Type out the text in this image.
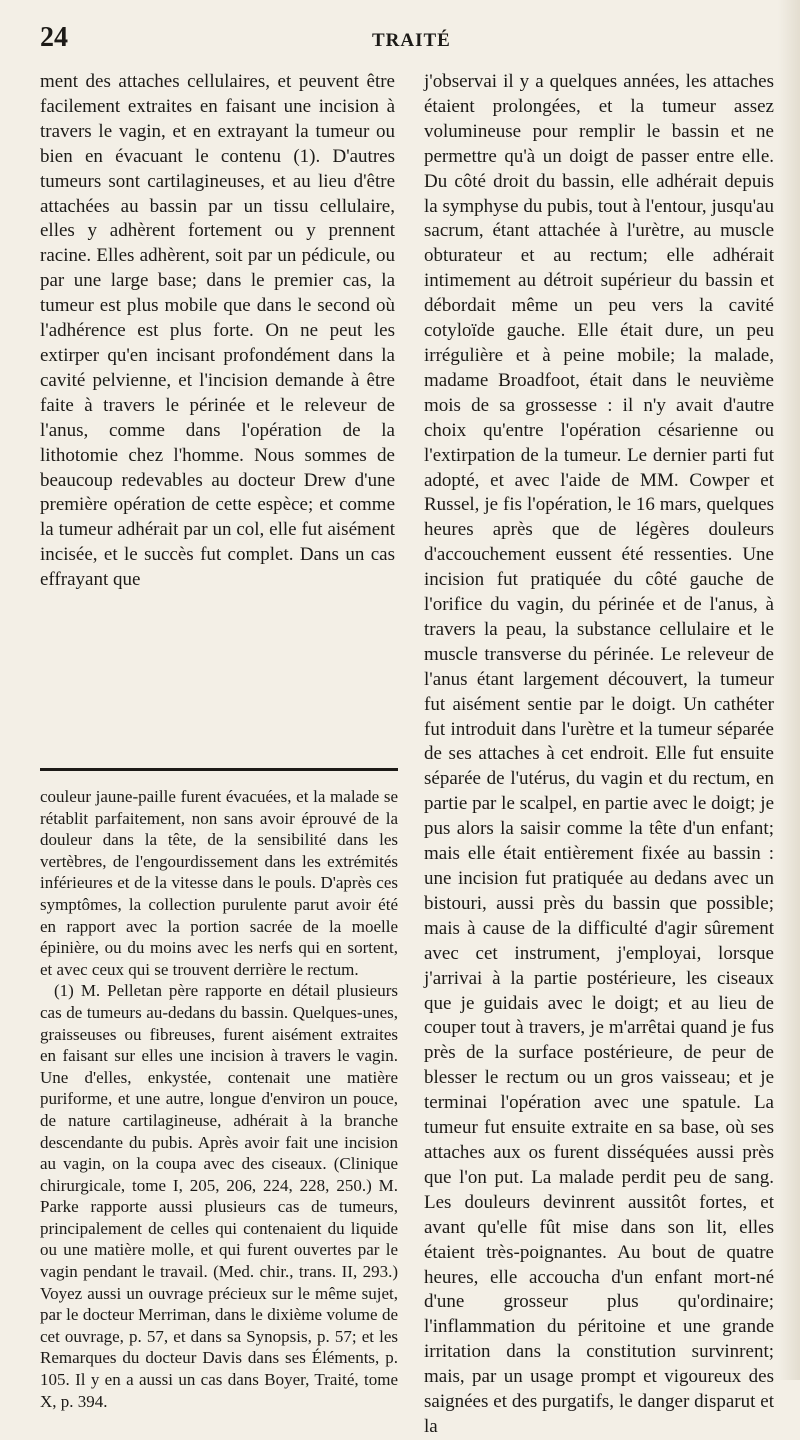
24	TRAITÉ

ment des attaches cellulaires, et peuvent être facilement extraites en faisant une incision à travers le vagin, et en extrayant la tumeur ou bien en évacuant le contenu (1). D'autres tumeurs sont cartilagineuses, et au lieu d'être attachées au bassin par un tissu cellulaire, elles y adhèrent fortement ou y prennent racine. Elles adhèrent, soit par un pédicule, ou par une large base; dans le premier cas, la tumeur est plus mobile que dans le second où l'adhérence est plus forte. On ne peut les extirper qu'en incisant profondément dans la cavité pelvienne, et l'incision demande à être faite à travers le périnée et le releveur de l'anus, comme dans l'opération de la lithotomie chez l'homme. Nous sommes de beaucoup redevables au docteur Drew d'une première opération de cette espèce; et comme la tumeur adhérait par un col, elle fut aisément incisée, et le succès fut complet. Dans un cas effrayant que

couleur jaune-paille furent évacuées, et la malade se rétablit parfaitement, non sans avoir éprouvé de la douleur dans la tête, de la sensibilité dans les vertèbres, de l'engourdissement dans les extrémités inférieures et de la vitesse dans le pouls. D'après ces symptômes, la collection purulente parut avoir été en rapport avec la portion sacrée de la moelle épinière, ou du moins avec les nerfs qui en sortent, et avec ceux qui se trouvent derrière le rectum.

(1) M. Pelletan père rapporte en détail plusieurs cas de tumeurs au-dedans du bassin. Quelques-unes, graisseuses ou fibreuses, furent aisément extraites en faisant sur elles une incision à travers le vagin. Une d'elles, enkystée, contenait une matière puriforme, et une autre, longue d'environ un pouce, de nature cartilagineuse, adhérait à la branche descendante du pubis. Après avoir fait une incision au vagin, on la coupa avec des ciseaux. (Clinique chirurgicale, tome I, 205, 206, 224, 228, 250.) M. Parke rapporte aussi plusieurs cas de tumeurs, principalement de celles qui contenaient du liquide ou une matière molle, et qui furent ouvertes par le vagin pendant le travail. (Med. chir., trans. II, 293.) Voyez aussi un ouvrage précieux sur le même sujet, par le docteur Merriman, dans le dixième volume de cet ouvrage, p. 57, et dans sa Synopsis, p. 57; et les Remarques du docteur Davis dans ses Éléments, p. 105. Il y en a aussi un cas dans Boyer, Traité, tome X, p. 394.

j'observai il y a quelques années, les attaches étaient prolongées, et la tumeur assez volumineuse pour remplir le bassin et ne permettre qu'à un doigt de passer entre elle. Du côté droit du bassin, elle adhérait depuis la symphyse du pubis, tout à l'entour, jusqu'au sacrum, étant attachée à l'urètre, au muscle obturateur et au rectum; elle adhérait intimement au détroit supérieur du bassin et débordait même un peu vers la cavité cotyloïde gauche. Elle était dure, un peu irrégulière et à peine mobile; la malade, madame Broadfoot, était dans le neuvième mois de sa grossesse : il n'y avait d'autre choix qu'entre l'opération césarienne ou l'extirpation de la tumeur. Le dernier parti fut adopté, et avec l'aide de MM. Cowper et Russel, je fis l'opération, le 16 mars, quelques heures après que de légères douleurs d'accouchement eussent été ressenties. Une incision fut pratiquée du côté gauche de l'orifice du vagin, du périnée et de l'anus, à travers la peau, la substance cellulaire et le muscle transverse du périnée. Le releveur de l'anus étant largement découvert, la tumeur fut aisément sentie par le doigt. Un cathéter fut introduit dans l'urètre et la tumeur séparée de ses attaches à cet endroit. Elle fut ensuite séparée de l'utérus, du vagin et du rectum, en partie par le scalpel, en partie avec le doigt; je pus alors la saisir comme la tête d'un enfant; mais elle était entièrement fixée au bassin : une incision fut pratiquée au dedans avec un bistouri, aussi près du bassin que possible; mais à cause de la difficulté d'agir sûrement avec cet instrument, j'employai, lorsque j'arrivai à la partie postérieure, les ciseaux que je guidais avec le doigt; et au lieu de couper tout à travers, je m'arrêtai quand je fus près de la surface postérieure, de peur de blesser le rectum ou un gros vaisseau; et je terminai l'opération avec une spatule. La tumeur fut ensuite extraite en sa base, où ses attaches aux os furent disséquées aussi près que l'on put. La malade perdit peu de sang. Les douleurs devinrent aussitôt fortes, et avant qu'elle fût mise dans son lit, elles étaient très-poignantes. Au bout de quatre heures, elle accoucha d'un enfant mort-né d'une grosseur plus qu'ordinaire; l'inflammation du péritoine et une grande irritation dans la constitution survinrent; mais, par un usage prompt et vigoureux des saignées et des purgatifs, le danger disparut et la
